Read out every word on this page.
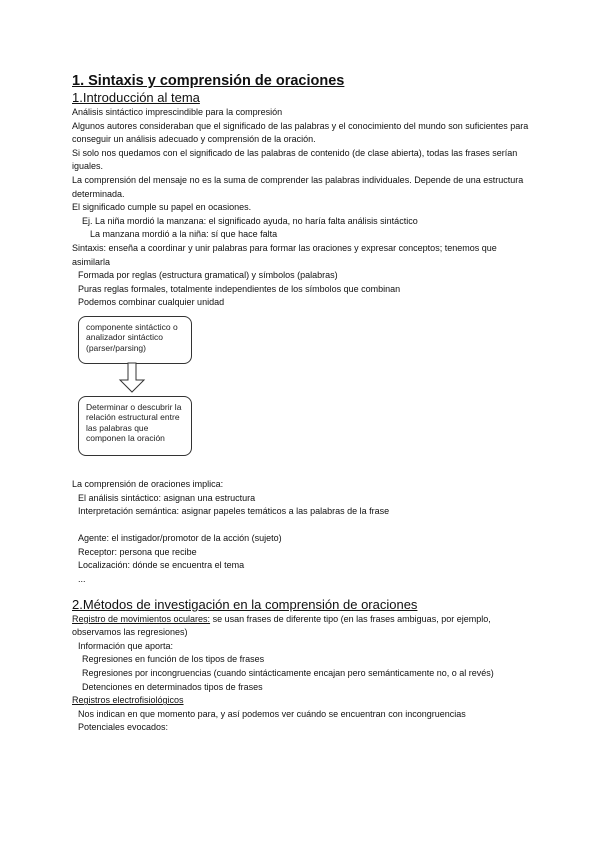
1. Sintaxis y comprensión de oraciones
1.Introducción al tema

Análisis sintáctico imprescindible para la compresión

Algunos autores consideraban que el significado de las palabras y el conocimiento del mundo son suficientes para conseguir un análisis adecuado y comprensión de la oración.

Si solo nos quedamos con el significado de las palabras de contenido (de clase abierta), todas las frases serían iguales.

La comprensión del mensaje no es la suma de comprender las palabras individuales. Depende de una estructura determinada.

El significado cumple su papel en ocasiones.

Ej. La niña mordió la manzana: el significado ayuda, no haría falta análisis sintáctico

La manzana mordió a la niña: sí que hace falta

Sintaxis: enseña a coordinar y unir palabras para formar las oraciones y expresar conceptos; tenemos que asimilarla

Formada por reglas (estructura gramatical) y símbolos (palabras)

Puras reglas formales, totalmente independientes de los símbolos que combinan

Podemos combinar cualquier unidad

componente sintáctico o analizador sintáctico (parser/parsing)
Determinar o descubrir la relación estructural entre las palabras que componen la oración

La comprensión de oraciones implica:

El análisis sintáctico: asignan una estructura

Interpretación semántica: asignar papeles temáticos a las palabras de la frase

Agente: el instigador/promotor de la acción (sujeto)

Receptor: persona que recibe

Localización: dónde se encuentra el tema

...

2.Métodos de investigación en la comprensión de oraciones

Registro de movimientos oculares: se usan frases de diferente tipo (en las frases ambiguas, por ejemplo, observamos las regresiones)

Información que aporta:

Regresiones en función de los tipos de frases

Regresiones por incongruencias (cuando sintácticamente encajan pero semánticamente no, o al revés)

Detenciones en determinados tipos de frases

Registros electrofisiológicos

Nos indican en que momento para, y así podemos ver cuándo se encuentran con incongruencias

Potenciales evocados:
